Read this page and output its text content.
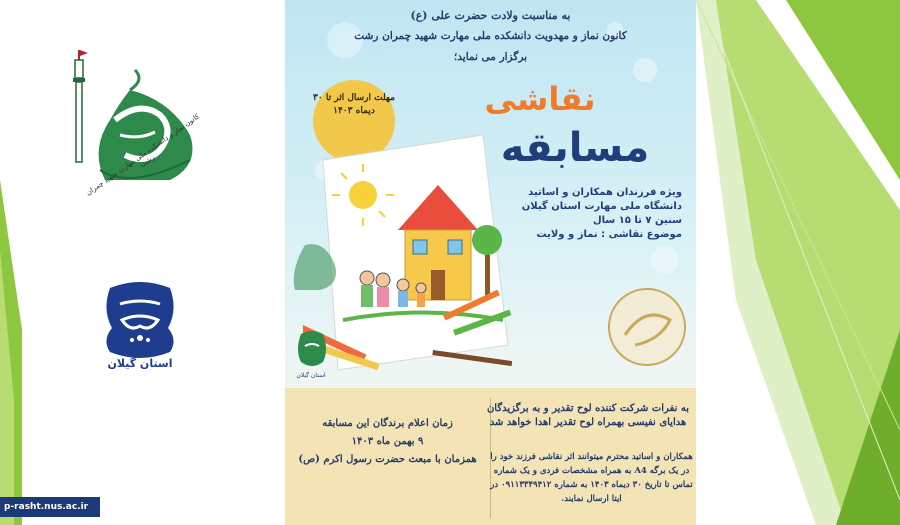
کانون نماز و دانشکده ملی مهارت شهید چمران رشت
استان گیلان
p-rasht.nus.ac.ir
به مناسبت ولادت حضرت علی (ع)
کانون نماز و مهدویت دانشکده ملی مهارت شهید چمران رشت
برگزار می نماید؛
مهلت ارسال اثر تا ۳۰ دیماه ۱۴۰۳	نقاشی
مسابقه
ویژه فرزندان همکاران و اساتید
دانشگاه ملی مهارت استان گیلان
سنین ۷ تا ۱۵ سال
موضوع نقاشی : نماز و ولایت
استان گیلان
به نفرات شرکت کننده لوح تقدیر و به برگزیدگان هدایای نفیسی بهمراه لوح تقدیر اهدا خواهد شد
زمان اعلام برندگان این مسابقه
۹ بهمن ماه ۱۴۰۳
همزمان با مبعث حضرت رسول اکرم (ص)	همکاران و اساتید محترم میتوانند اثر نقاشی فرزند خود را در یک برگه A4 به همراه مشخصات فردی و یک شماره تماس تا تاریخ ۳۰ دیماه ۱۴۰۳ به شماره ۰۹۱۱۳۳۴۹۴۱۲ در ایتا ارسال نمایند.
